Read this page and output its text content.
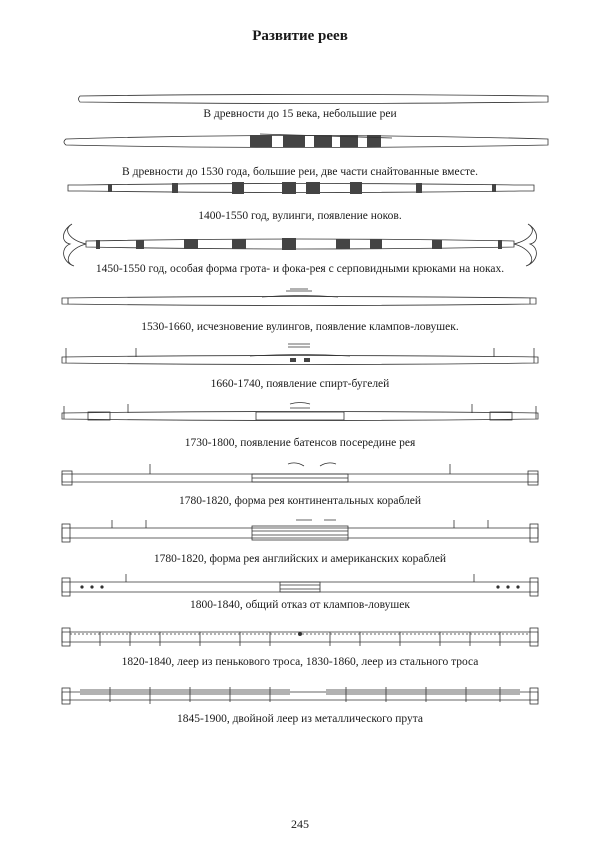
Развитие реев
В древности до 15 века, небольшие реи
В древности до 1530 года, большие реи, две части снайтованные вместе.
1400-1550 год, вулинги, появление ноков.
1450-1550 год, особая форма грота- и фока-рея с серповидными крюками на ноках.
1530-1660, исчезновение вулингов, появление клампов-ловушек.
1660-1740, появление спирт-бугелей
1730-1800, появление батенсов посередине рея
1780-1820, форма рея континентальных кораблей
1780-1820, форма рея английских и американских кораблей
1800-1840, общий отказ от клампов-ловушек
1820-1840, леер из пенькового троса, 1830-1860, леер из стального троса
1845-1900, двойной леер из металлического прута
245
